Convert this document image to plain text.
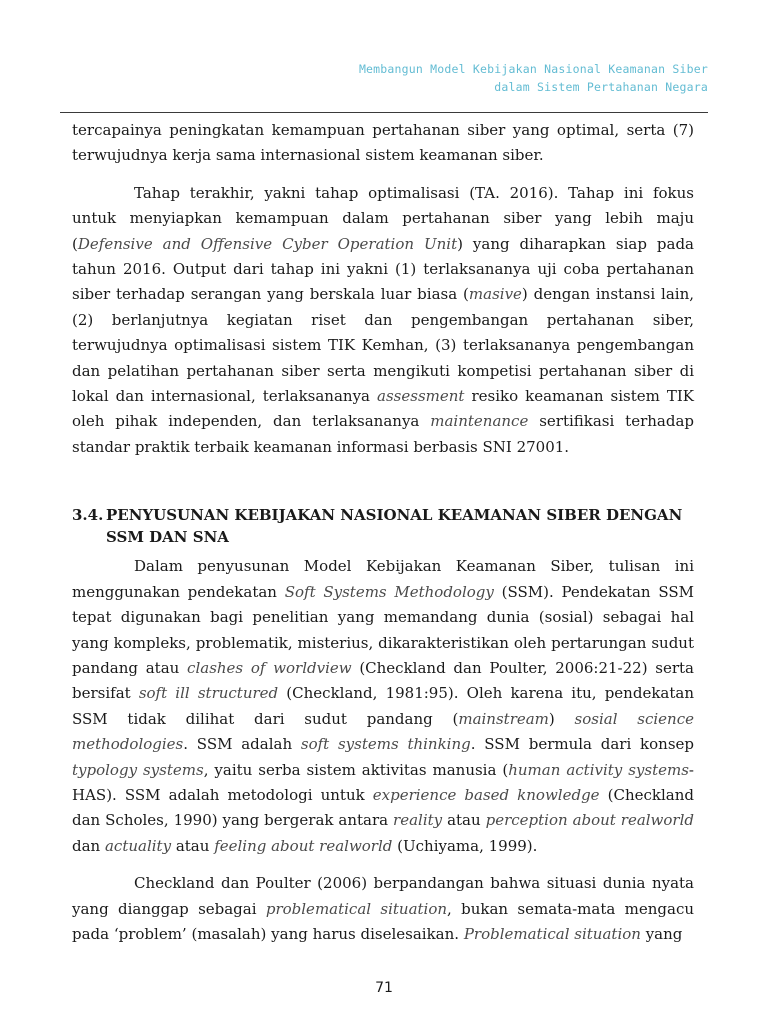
Membangun Model Kebijakan Nasional Keamanan Siber
dalam Sistem Pertahanan Negara

tercapainya peningkatan kemampuan pertahanan siber yang optimal, serta (7) terwujudnya kerja sama internasional sistem keamanan siber.

Tahap terakhir, yakni tahap optimalisasi (TA. 2016). Tahap ini fokus untuk menyiapkan kemampuan dalam pertahanan siber yang lebih maju (Defensive and Offensive Cyber Operation Unit) yang diharapkan siap pada tahun 2016. Output dari tahap ini yakni (1) terlaksananya uji coba pertahanan siber terhadap serangan yang berskala luar biasa (masive) dengan instansi lain, (2) berlanjutnya kegiatan riset dan pengembangan pertahanan siber, terwujudnya optimalisasi sistem TIK Kemhan, (3) terlaksananya pengembangan dan pelatihan pertahanan siber serta mengikuti kompetisi pertahanan siber di lokal dan internasional, terlaksananya assessment resiko keamanan sistem TIK oleh pihak independen, dan terlaksananya maintenance sertifikasi terhadap standar praktik terbaik keamanan informasi berbasis SNI 27001.

3.4. PENYUSUNAN KEBIJAKAN NASIONAL KEAMANAN SIBER DENGAN SSM DAN SNA

Dalam penyusunan Model Kebijakan Keamanan Siber, tulisan ini menggunakan pendekatan Soft Systems Methodology (SSM). Pendekatan SSM tepat digunakan bagi penelitian yang memandang dunia (sosial) sebagai hal yang kompleks, problematik, misterius, dikarakteristikan oleh pertarungan sudut pandang atau clashes of worldview (Checkland dan Poulter, 2006:21-22) serta bersifat soft ill structured (Checkland, 1981:95). Oleh karena itu, pendekatan SSM tidak dilihat dari sudut pandang (mainstream) sosial science methodologies. SSM adalah soft systems thinking. SSM bermula dari konsep typology systems, yaitu serba sistem aktivitas manusia (human activity systems-HAS). SSM adalah metodologi untuk experience based knowledge (Checkland dan Scholes, 1990) yang bergerak antara reality atau perception about realworld dan actuality atau feeling about realworld (Uchiyama, 1999).

Checkland dan Poulter (2006) berpandangan bahwa situasi dunia nyata yang dianggap sebagai problematical situation, bukan semata-mata mengacu pada ‘problem’ (masalah) yang harus diselesaikan. Problematical situation yang

71
